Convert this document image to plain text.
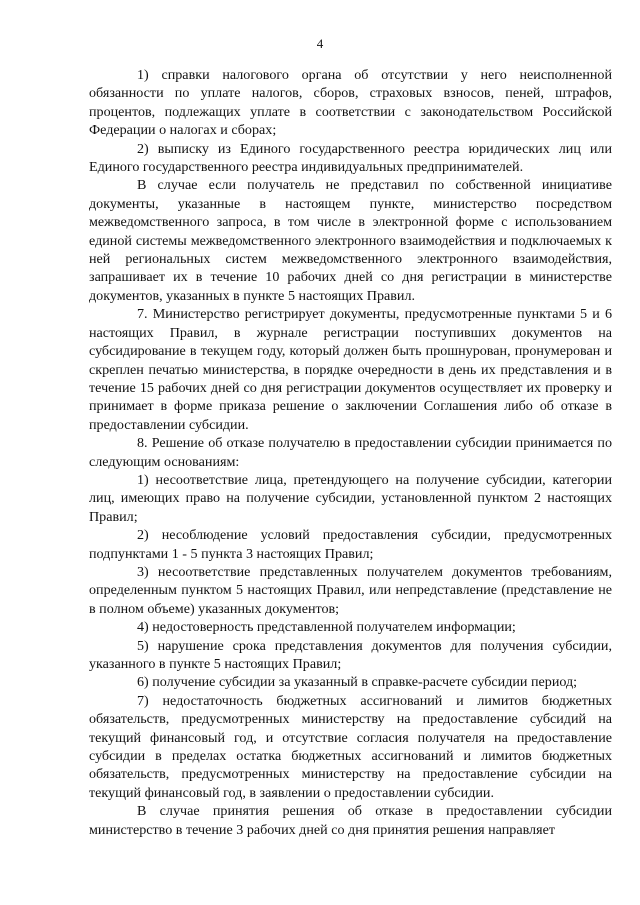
4

1) справки налогового органа об отсутствии у него неисполненной обязанности по уплате налогов, сборов, страховых взносов, пеней, штрафов, процентов, подлежащих уплате в соответствии с законодательством Российской Федерации о налогах и сборах;

2) выписку из Единого государственного реестра юридических лиц или Единого государственного реестра индивидуальных предпринимателей.

В случае если получатель не представил по собственной инициативе документы, указанные в настоящем пункте, министерство посредством межведомственного запроса, в том числе в электронной форме с использованием единой системы межведомственного электронного взаимодействия и подключаемых к ней региональных систем межведомственного электронного взаимодействия, запрашивает их в течение 10 рабочих дней со дня регистрации в министерстве документов, указанных в пункте 5 настоящих Правил.

7. Министерство регистрирует документы, предусмотренные пунктами 5 и 6 настоящих Правил, в журнале регистрации поступивших документов на субсидирование в текущем году, который должен быть прошнурован, пронумерован и скреплен печатью министерства, в порядке очередности в день их представления и в течение 15 рабочих дней со дня регистрации документов осуществляет их проверку и принимает в форме приказа решение о заключении Соглашения либо об отказе в предоставлении субсидии.

8. Решение об отказе получателю в предоставлении субсидии принимается по следующим основаниям:

1) несоответствие лица, претендующего на получение субсидии, категории лиц, имеющих право на получение субсидии, установленной пунктом 2 настоящих Правил;

2) несоблюдение условий предоставления субсидии, предусмотренных подпунктами 1 - 5 пункта 3 настоящих Правил;

3) несоответствие представленных получателем документов требованиям, определенным пунктом 5 настоящих Правил, или непредставление (представление не в полном объеме) указанных документов;

4) недостоверность представленной получателем информации;

5) нарушение срока представления документов для получения субсидии, указанного в пункте 5 настоящих Правил;

6) получение субсидии за указанный в справке-расчете субсидии период;

7) недостаточность бюджетных ассигнований и лимитов бюджетных обязательств, предусмотренных министерству на предоставление субсидий на текущий финансовый год, и отсутствие согласия получателя на предоставление субсидии в пределах остатка бюджетных ассигнований и лимитов бюджетных обязательств, предусмотренных министерству на предоставление субсидии на текущий финансовый год, в заявлении о предоставлении субсидии.

В случае принятия решения об отказе в предоставлении субсидии министерство в течение 3 рабочих дней со дня принятия решения направляет
